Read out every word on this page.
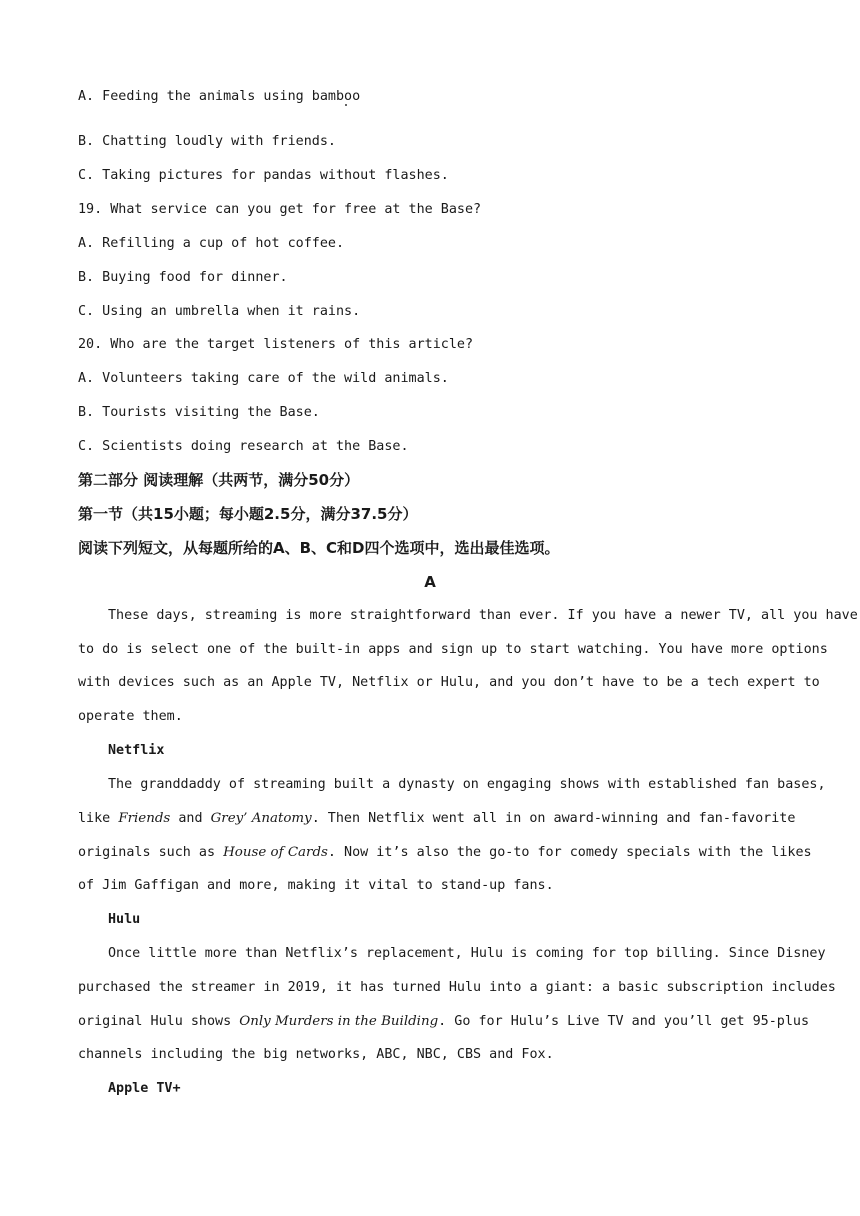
A. Feeding the animals using bamboo
B. Chatting loudly with friends.
C. Taking pictures for pandas without flashes.
19. What service can you get for free at the Base?
A. Refilling a cup of hot coffee.
B. Buying food for dinner.
C. Using an umbrella when it rains.
20. Who are the target listeners of this article?
A. Volunteers taking care of the wild animals.
B. Tourists visiting the Base.
C. Scientists doing research at the Base.
第二部分 阅读理解（共两节，满分50分）
第一节（共15小题；每小题2.5分，满分37.5分）
阅读下列短文，从每题所给的A、B、C和D四个选项中，选出最佳选项。
A
These days, streaming is more straightforward than ever. If you have a newer TV, all you have
to do is select one of the built-in apps and sign up to start watching. You have more options
with devices such as an Apple TV, Netflix or Hulu, and you don’t have to be a tech expert to
operate them.
Netflix
The granddaddy of streaming built a dynasty on engaging shows with established fan bases,
like Friends and Grey’ Anatomy. Then Netflix went all in on award-winning and fan-favorite
originals such as House of Cards. Now it’s also the go-to for comedy specials with the likes
of Jim Gaffigan and more, making it vital to stand-up fans.
Hulu
Once little more than Netflix’s replacement, Hulu is coming for top billing. Since Disney
purchased the streamer in 2019, it has turned Hulu into a giant: a basic subscription includes
original Hulu shows Only Murders in the Building. Go for Hulu’s Live TV and you’ll get 95-plus
channels including the big networks, ABC, NBC, CBS and Fox.
Apple TV+
